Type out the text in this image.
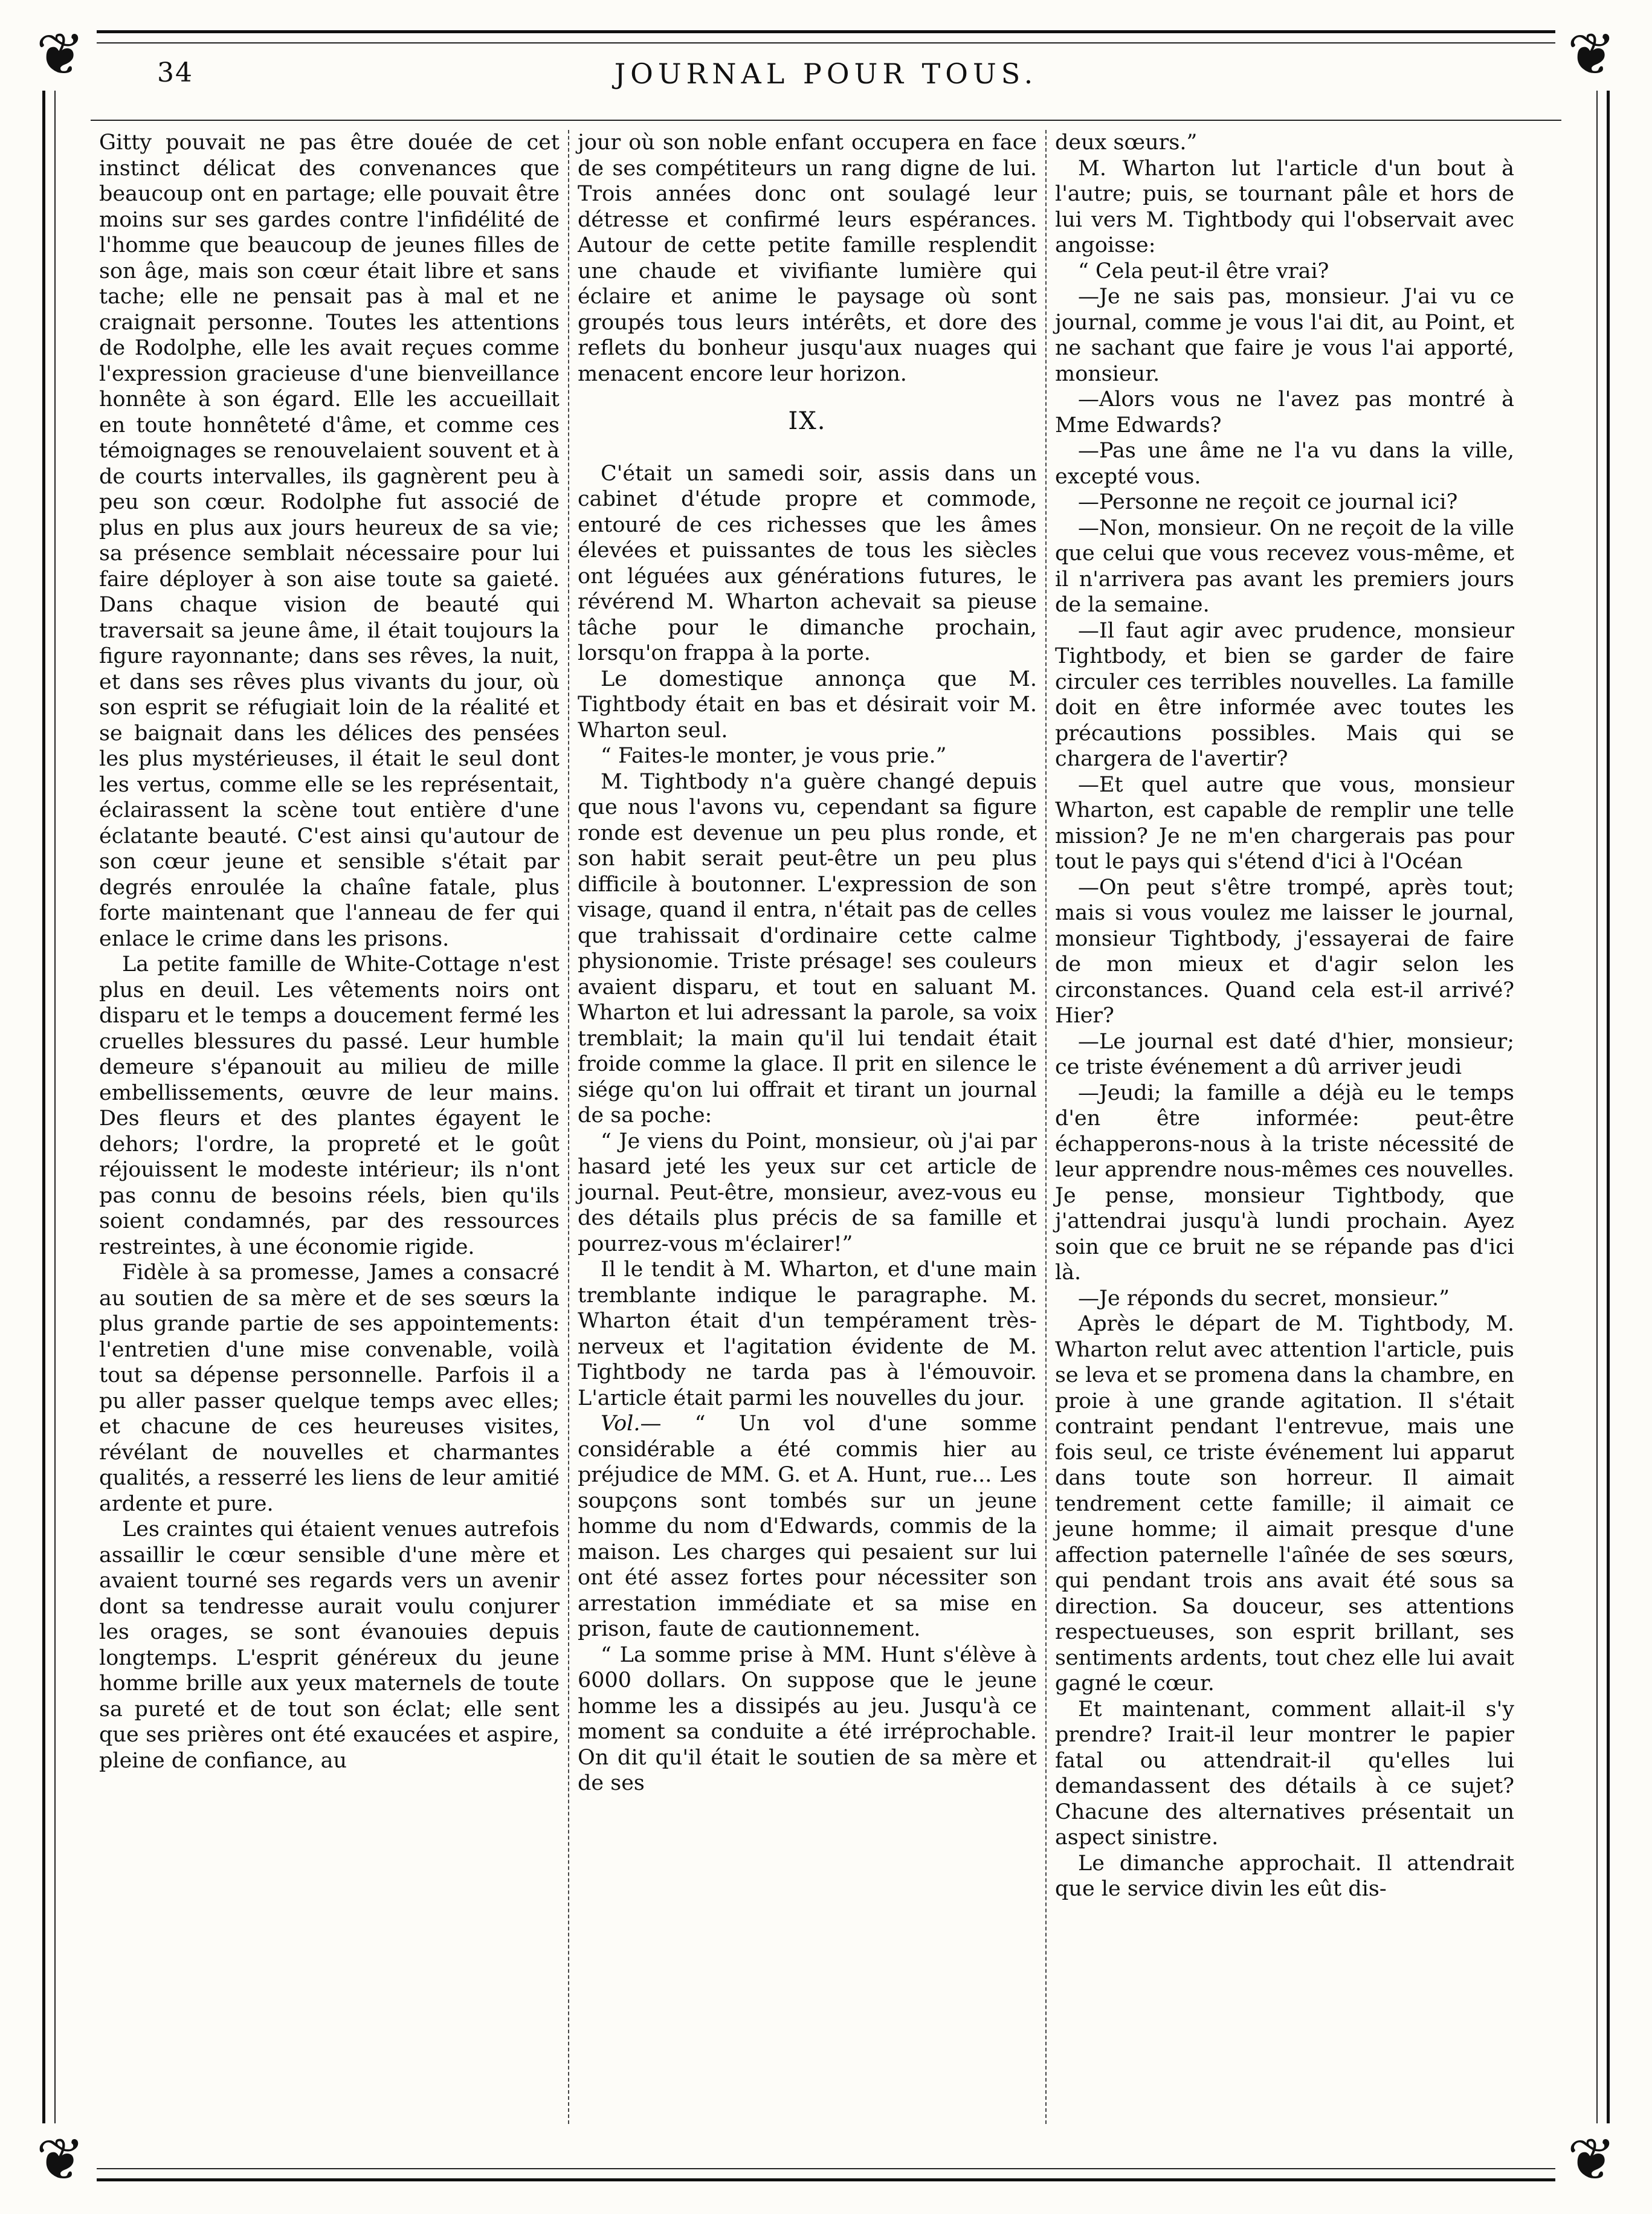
❦	❦
❦	❦
34	JOURNAL POUR TOUS.

Gitty pouvait ne pas être douée de cet instinct délicat des convenances que beaucoup ont en partage; elle pouvait être moins sur ses gardes contre l'infidélité de l'homme que beaucoup de jeunes filles de son âge, mais son cœur était libre et sans tache; elle ne pensait pas à mal et ne craignait personne. Toutes les attentions de Rodolphe, elle les avait reçues comme l'expression gracieuse d'une bienveillance honnête à son égard. Elle les accueillait en toute honnêteté d'âme, et comme ces témoignages se renouvelaient souvent et à de courts intervalles, ils gagnèrent peu à peu son cœur. Rodolphe fut associé de plus en plus aux jours heureux de sa vie; sa présence semblait nécessaire pour lui faire déployer à son aise toute sa gaieté. Dans chaque vision de beauté qui traversait sa jeune âme, il était toujours la figure rayonnante; dans ses rêves, la nuit, et dans ses rêves plus vivants du jour, où son esprit se réfugiait loin de la réalité et se baignait dans les délices des pensées les plus mystérieuses, il était le seul dont les vertus, comme elle se les représentait, éclairassent la scène tout entière d'une éclatante beauté. C'est ainsi qu'autour de son cœur jeune et sensible s'était par degrés enroulée la chaîne fatale, plus forte maintenant que l'anneau de fer qui enlace le crime dans les prisons.

La petite famille de White-Cottage n'est plus en deuil. Les vêtements noirs ont disparu et le temps a doucement fermé les cruelles blessures du passé. Leur humble demeure s'épanouit au milieu de mille embellissements, œuvre de leur mains. Des fleurs et des plantes égayent le dehors; l'ordre, la propreté et le goût réjouissent le modeste intérieur; ils n'ont pas connu de besoins réels, bien qu'ils soient condamnés, par des ressources restreintes, à une économie rigide.

Fidèle à sa promesse, James a consacré au soutien de sa mère et de ses sœurs la plus grande partie de ses appointements: l'entretien d'une mise convenable, voilà tout sa dépense personnelle. Parfois il a pu aller passer quelque temps avec elles; et chacune de ces heureuses visites, révélant de nouvelles et charmantes qualités, a resserré les liens de leur amitié ardente et pure.

Les craintes qui étaient venues autrefois assaillir le cœur sensible d'une mère et avaient tourné ses regards vers un avenir dont sa tendresse aurait voulu conjurer les orages, se sont évanouies depuis longtemps. L'esprit généreux du jeune homme brille aux yeux maternels de toute sa pureté et de tout son éclat; elle sent que ses prières ont été exaucées et aspire, pleine de confiance, au

jour où son noble enfant occupera en face de ses compétiteurs un rang digne de lui. Trois années donc ont soulagé leur détresse et confirmé leurs espérances. Autour de cette petite famille resplendit une chaude et vivifiante lumière qui éclaire et anime le paysage où sont groupés tous leurs intérêts, et dore des reflets du bonheur jusqu'aux nuages qui menacent encore leur horizon.

IX.

C'était un samedi soir, assis dans un cabinet d'étude propre et commode, entouré de ces richesses que les âmes élevées et puissantes de tous les siècles ont léguées aux générations futures, le révérend M. Wharton achevait sa pieuse tâche pour le dimanche prochain, lorsqu'on frappa à la porte.

Le domestique annonça que M. Tightbody était en bas et désirait voir M. Wharton seul.

“ Faites-le monter, je vous prie.”

M. Tightbody n'a guère changé depuis que nous l'avons vu, cependant sa figure ronde est devenue un peu plus ronde, et son habit serait peut-être un peu plus difficile à boutonner. L'expression de son visage, quand il entra, n'était pas de celles que trahissait d'ordinaire cette calme physionomie. Triste présage! ses couleurs avaient disparu, et tout en saluant M. Wharton et lui adressant la parole, sa voix tremblait; la main qu'il lui tendait était froide comme la glace. Il prit en silence le siége qu'on lui offrait et tirant un journal de sa poche:

“ Je viens du Point, monsieur, où j'ai par hasard jeté les yeux sur cet article de journal. Peut-être, monsieur, avez-vous eu des détails plus précis de sa famille et pourrez-vous m'éclairer!”

Il le tendit à M. Wharton, et d'une main tremblante indique le paragraphe. M. Wharton était d'un tempérament très-nerveux et l'agitation évidente de M. Tightbody ne tarda pas à l'émouvoir. L'article était parmi les nouvelles du jour.

Vol.— “ Un vol d'une somme considérable a été commis hier au préjudice de MM. G. et A. Hunt, rue... Les soupçons sont tombés sur un jeune homme du nom d'Edwards, commis de la maison. Les charges qui pesaient sur lui ont été assez fortes pour nécessiter son arrestation immédiate et sa mise en prison, faute de cautionnement.

“ La somme prise à MM. Hunt s'élève à 6000 dollars. On suppose que le jeune homme les a dissipés au jeu. Jusqu'à ce moment sa conduite a été irréprochable. On dit qu'il était le soutien de sa mère et de ses

deux sœurs.”

M. Wharton lut l'article d'un bout à l'autre; puis, se tournant pâle et hors de lui vers M. Tightbody qui l'observait avec angoisse:

“ Cela peut-il être vrai?

—Je ne sais pas, monsieur. J'ai vu ce journal, comme je vous l'ai dit, au Point, et ne sachant que faire je vous l'ai apporté, monsieur.

—Alors vous ne l'avez pas montré à Mme Edwards?

—Pas une âme ne l'a vu dans la ville, excepté vous.

—Personne ne reçoit ce journal ici?

—Non, monsieur. On ne reçoit de la ville que celui que vous recevez vous-même, et il n'arrivera pas avant les premiers jours de la semaine.

—Il faut agir avec prudence, monsieur Tightbody, et bien se garder de faire circuler ces terribles nouvelles. La famille doit en être informée avec toutes les précautions possibles. Mais qui se chargera de l'avertir?

—Et quel autre que vous, monsieur Wharton, est capable de remplir une telle mission? Je ne m'en chargerais pas pour tout le pays qui s'étend d'ici à l'Océan

—On peut s'être trompé, après tout; mais si vous voulez me laisser le journal, monsieur Tightbody, j'essayerai de faire de mon mieux et d'agir selon les circonstances. Quand cela est-il arrivé? Hier?

—Le journal est daté d'hier, monsieur; ce triste événement a dû arriver jeudi

—Jeudi; la famille a déjà eu le temps d'en être informée: peut-être échapperons-nous à la triste nécessité de leur apprendre nous-mêmes ces nouvelles. Je pense, monsieur Tightbody, que j'attendrai jusqu'à lundi prochain. Ayez soin que ce bruit ne se répande pas d'ici là.

—Je réponds du secret, monsieur.”

Après le départ de M. Tightbody, M. Wharton relut avec attention l'article, puis se leva et se promena dans la chambre, en proie à une grande agitation. Il s'était contraint pendant l'entrevue, mais une fois seul, ce triste événement lui apparut dans toute son horreur. Il aimait tendrement cette famille; il aimait ce jeune homme; il aimait presque d'une affection paternelle l'aînée de ses sœurs, qui pendant trois ans avait été sous sa direction. Sa douceur, ses attentions respectueuses, son esprit brillant, ses sentiments ardents, tout chez elle lui avait gagné le cœur.

Et maintenant, comment allait-il s'y prendre? Irait-il leur montrer le papier fatal ou attendrait-il qu'elles lui demandassent des détails à ce sujet? Chacune des alternatives présentait un aspect sinistre.

Le dimanche approchait. Il attendrait que le service divin les eût dis-
